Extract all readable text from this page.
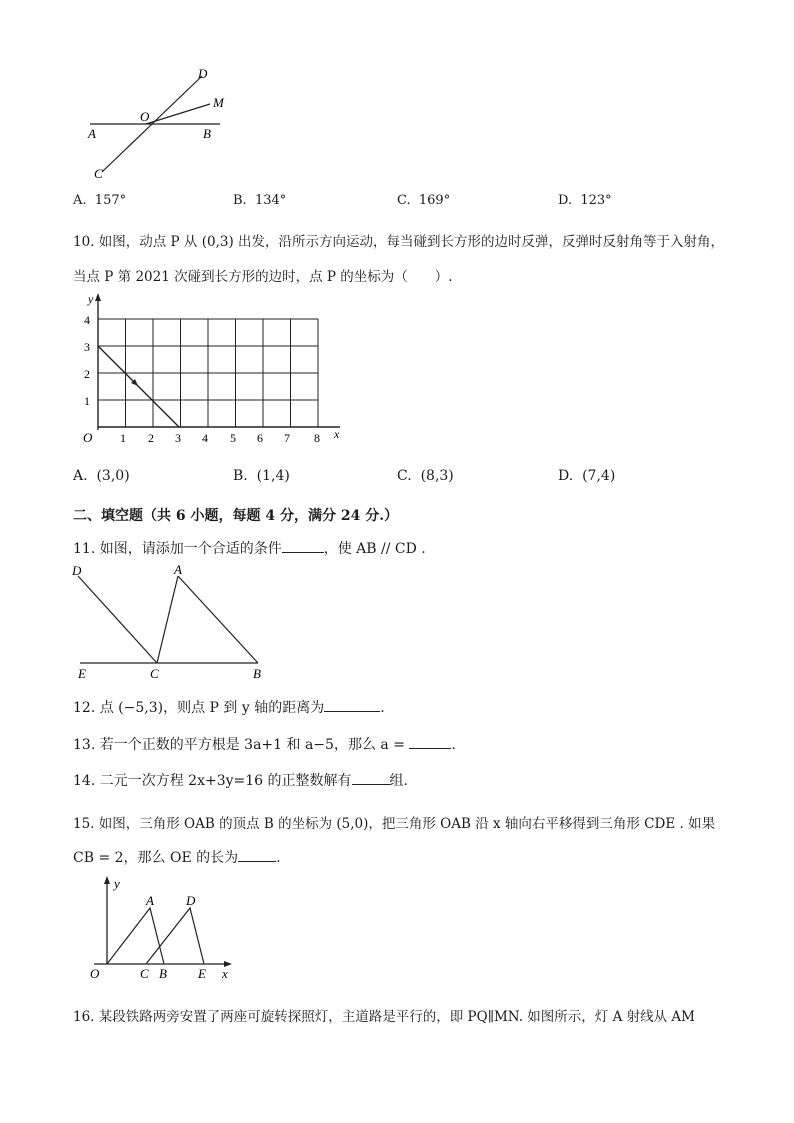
D
M
O
A	B
C
A. 157°	B. 134°	C. 169°	D. 123°
10. 如图，动点 P 从 (0,3) 出发，沿所示方向运动，每当碰到长方形的边时反弹，反弹时反射角等于入射角，
当点 P 第 2021 次碰到长方形的边时，点 P 的坐标为（　　）.
y
x
O 1 2 3 4 5 6 7 8
1
2
3
4
A. (3,0)	B. (1,4)	C. (8,3)	D. (7,4)
二、填空题（共 6 小题，每题 4 分，满分 24 分.）
11. 如图，请添加一个合适的条件	，使 AB // CD .
D	A
E	C	B
12. 点 (−5,3)，则点 P 到 y 轴的距离为	.
13. 若一个正数的平方根是 3a+1 和 a−5，那么 a =	.
14. 二元一次方程 2x+3y=16 的正整数解有	组.
15. 如图，三角形 OAB 的顶点 B 的坐标为 (5,0)，把三角形 OAB 沿 x 轴向右平移得到三角形 CDE . 如果
CB = 2，那么 OE 的长为	.
y
x
O
A D
C B E
16. 某段铁路两旁安置了两座可旋转探照灯，主道路是平行的，即 PQ∥MN. 如图所示，灯 A 射线从 AM
